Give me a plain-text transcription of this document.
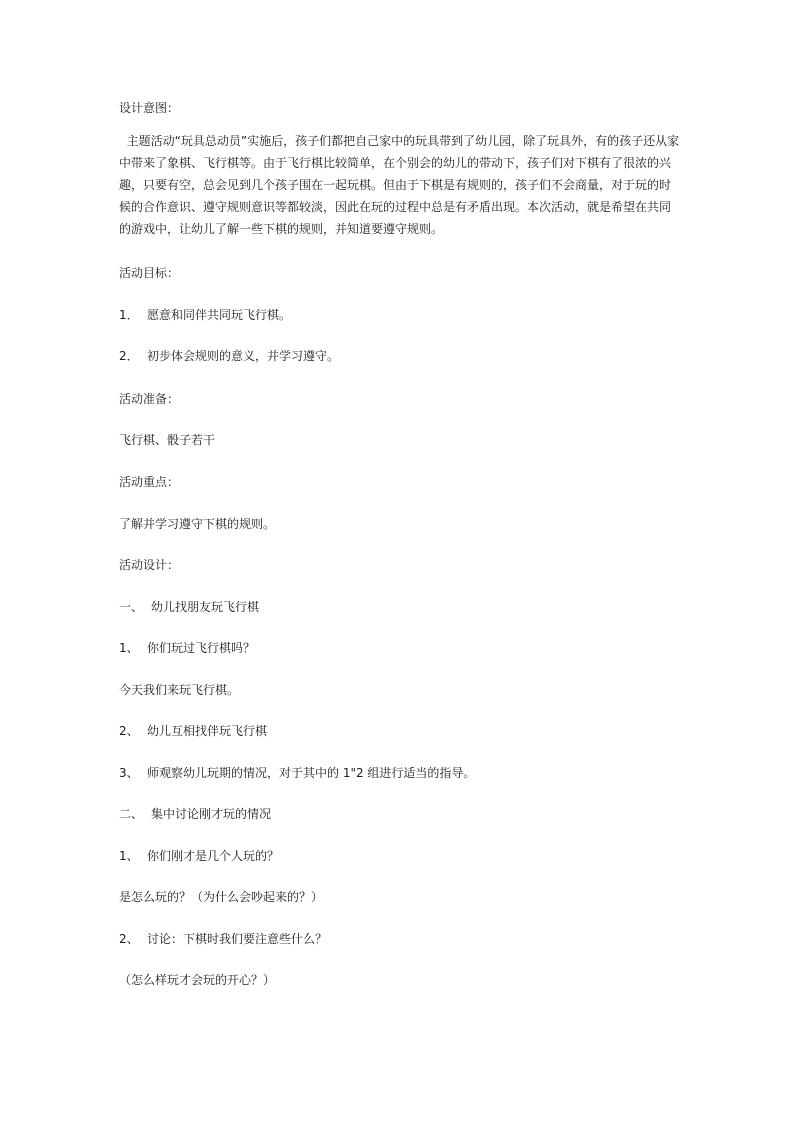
设计意图：

主题活动“玩具总动员”实施后，孩子们都把自己家中的玩具带到了幼儿园，除了玩具外，有的孩子还从家

中带来了象棋、飞行棋等。由于飞行棋比较简单，在个别会的幼儿的带动下，孩子们对下棋有了很浓的兴

趣，只要有空，总会见到几个孩子围在一起玩棋。但由于下棋是有规则的，孩子们不会商量，对于玩的时

候的合作意识、遵守规则意识等都较淡，因此在玩的过程中总是有矛盾出现。本次活动，就是希望在共同

的游戏中，让幼儿了解一些下棋的规则，并知道要遵守规则。

活动目标：
1． 愿意和同伴共同玩飞行棋。
2． 初步体会规则的意义，并学习遵守。
活动准备：
飞行棋、骰子若干
活动重点：
了解并学习遵守下棋的规则。
活动设计：
一、 幼儿找朋友玩飞行棋
1、 你们玩过飞行棋吗？
今天我们来玩飞行棋。
2、 幼儿互相找伴玩飞行棋
3、 师观察幼儿玩期的情况，对于其中的 1"2 组进行适当的指导。
二、 集中讨论刚才玩的情况
1、 你们刚才是几个人玩的？
是怎么玩的？（为什么会吵起来的？）
2、 讨论：下棋时我们要注意些什么？
（怎么样玩才会玩的开心？）
